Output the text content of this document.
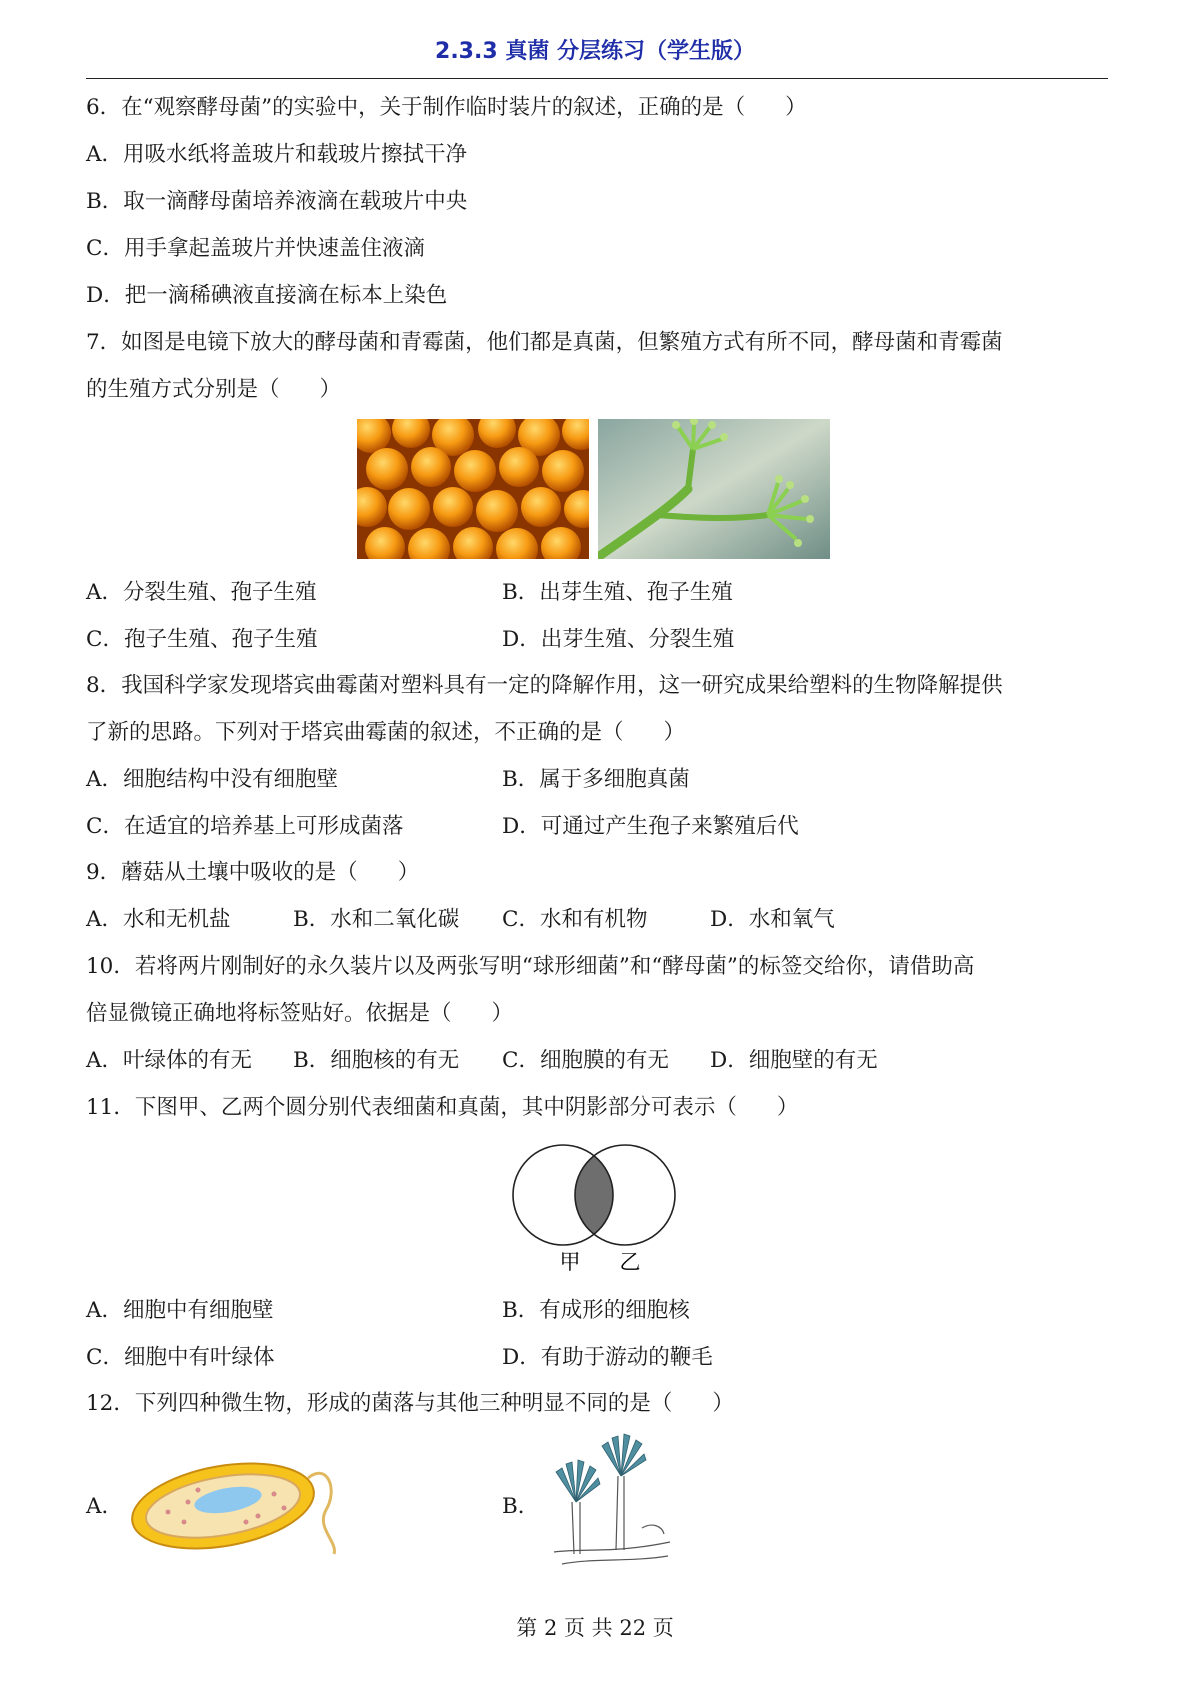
2.3.3 真菌 分层练习（学生版）
6．在“观察酵母菌”的实验中，关于制作临时装片的叙述，正确的是（ ）
A．用吸水纸将盖玻片和载玻片擦拭干净
B．取一滴酵母菌培养液滴在载玻片中央
C．用手拿起盖玻片并快速盖住液滴
D．把一滴稀碘液直接滴在标本上染色
7．如图是电镜下放大的酵母菌和青霉菌，他们都是真菌，但繁殖方式有所不同，酵母菌和青霉菌
的生殖方式分别是（ ）
A．分裂生殖、孢子生殖	B．出芽生殖、孢子生殖
C．孢子生殖、孢子生殖	D．出芽生殖、分裂生殖
8．我国科学家发现塔宾曲霉菌对塑料具有一定的降解作用，这一研究成果给塑料的生物降解提供
了新的思路。下列对于塔宾曲霉菌的叙述，不正确的是（ ）
A．细胞结构中没有细胞壁	B．属于多细胞真菌
C．在适宜的培养基上可形成菌落	D．可通过产生孢子来繁殖后代
9．蘑菇从土壤中吸收的是（ ）
A．水和无机盐	B．水和二氧化碳 C．水和有机物	D．水和氧气
10．若将两片刚制好的永久装片以及两张写明“球形细菌”和“酵母菌”的标签交给你，请借助高
倍显微镜正确地将标签贴好。依据是（ ）
A．叶绿体的有无 B．细胞核的有无 C．细胞膜的有无 D．细胞壁的有无
11．下图甲、乙两个圆分别代表细菌和真菌，其中阴影部分可表示（ ）
甲 乙
A．细胞中有细胞壁	B．有成形的细胞核
C．细胞中有叶绿体	D．有助于游动的鞭毛
12．下列四种微生物，形成的菌落与其他三种明显不同的是（ ）
A．	B．
第 2 页 共 22 页
